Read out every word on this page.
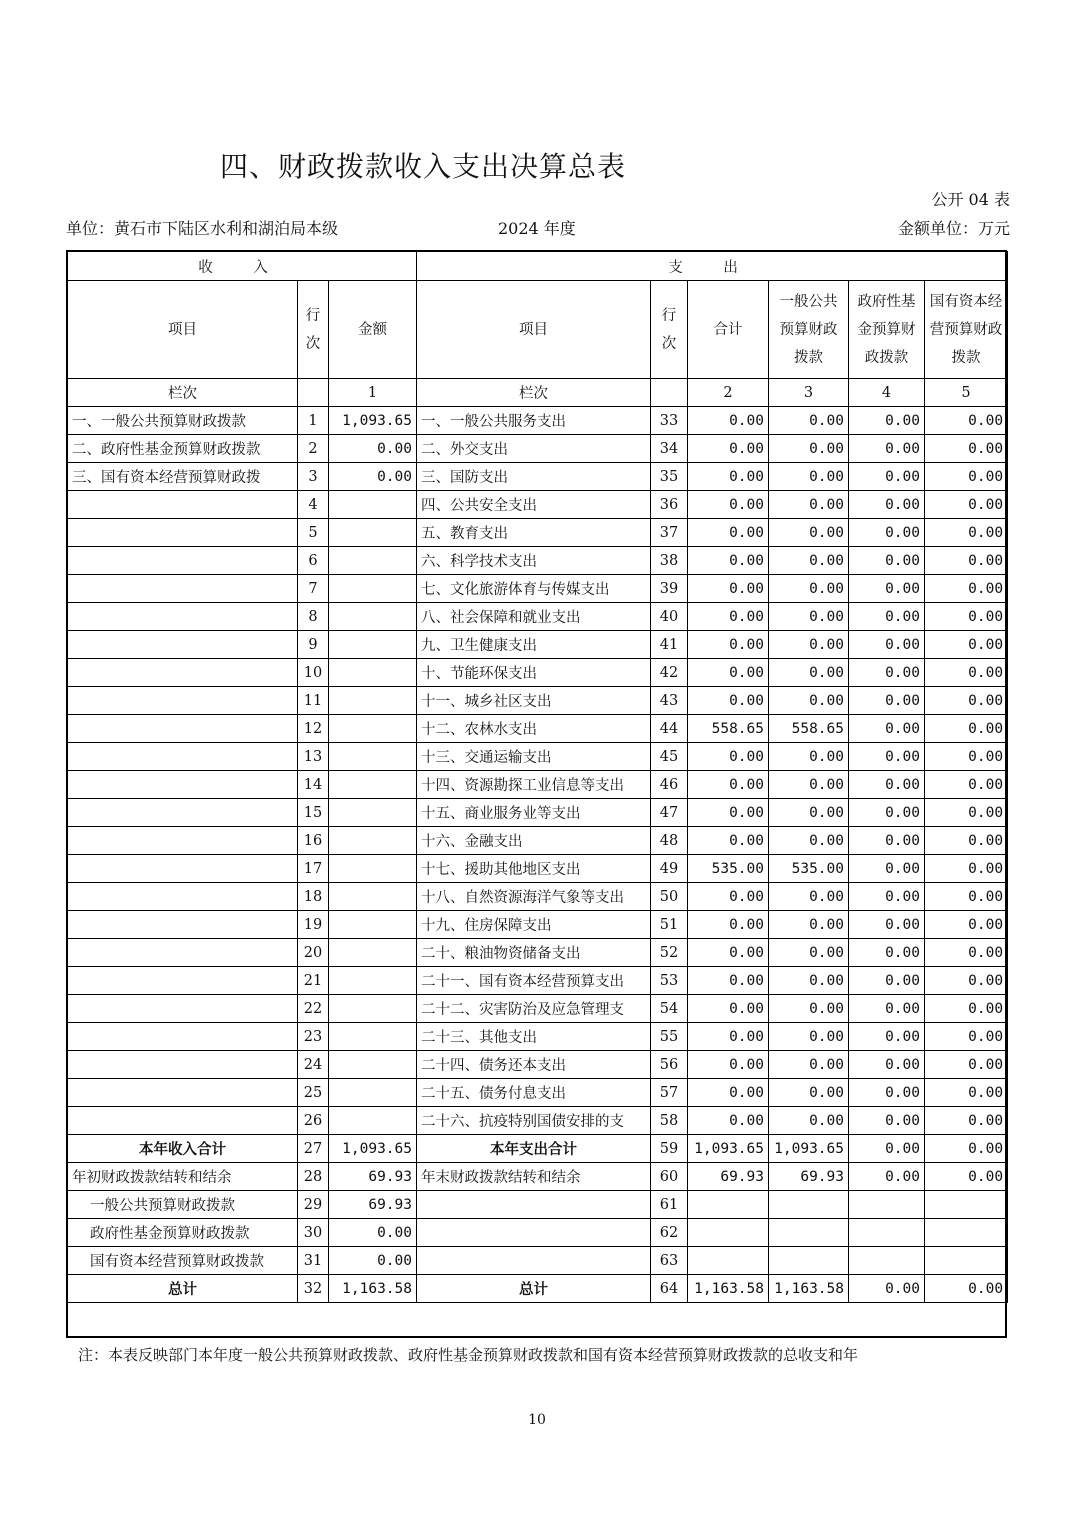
四、财政拨款收入支出决算总表
公开 04 表
单位：黄石市下陆区水利和湖泊局本级	2024 年度	金额单位：万元
收 入			支 出					
项目	行次	金额	项目	行次	合计	一般公共预算财政拨款	政府性基金预算财政拨款	国有资本经营预算财政拨款
栏次		1	栏次		2	3	4	5
一、一般公共预算财政拨款	1	1,093.65	一、一般公共服务支出	33	0.00	0.00	0.00	0.00
二、政府性基金预算财政拨款	2	0.00	二、外交支出	34	0.00	0.00	0.00	0.00
三、国有资本经营预算财政拨	3	0.00	三、国防支出	35	0.00	0.00	0.00	0.00
	4		四、公共安全支出	36	0.00	0.00	0.00	0.00
	5		五、教育支出	37	0.00	0.00	0.00	0.00
	6		六、科学技术支出	38	0.00	0.00	0.00	0.00
	7		七、文化旅游体育与传媒支出	39	0.00	0.00	0.00	0.00
	8		八、社会保障和就业支出	40	0.00	0.00	0.00	0.00
	9		九、卫生健康支出	41	0.00	0.00	0.00	0.00
	10		十、节能环保支出	42	0.00	0.00	0.00	0.00
	11		十一、城乡社区支出	43	0.00	0.00	0.00	0.00
	12		十二、农林水支出	44	558.65	558.65	0.00	0.00
	13		十三、交通运输支出	45	0.00	0.00	0.00	0.00
	14		十四、资源勘探工业信息等支出	46	0.00	0.00	0.00	0.00
	15		十五、商业服务业等支出	47	0.00	0.00	0.00	0.00
	16		十六、金融支出	48	0.00	0.00	0.00	0.00
	17		十七、援助其他地区支出	49	535.00	535.00	0.00	0.00
	18		十八、自然资源海洋气象等支出	50	0.00	0.00	0.00	0.00
	19		十九、住房保障支出	51	0.00	0.00	0.00	0.00
	20		二十、粮油物资储备支出	52	0.00	0.00	0.00	0.00
	21		二十一、国有资本经营预算支出	53	0.00	0.00	0.00	0.00
	22		二十二、灾害防治及应急管理支	54	0.00	0.00	0.00	0.00
	23		二十三、其他支出	55	0.00	0.00	0.00	0.00
	24		二十四、债务还本支出	56	0.00	0.00	0.00	0.00
	25		二十五、债务付息支出	57	0.00	0.00	0.00	0.00
	26		二十六、抗疫特别国债安排的支	58	0.00	0.00	0.00	0.00
本年收入合计	27	1,093.65	本年支出合计	59	1,093.65	1,093.65	0.00	0.00
年初财政拨款结转和结余	28	69.93	年末财政拨款结转和结余	60	69.93	69.93	0.00	0.00
一般公共预算财政拨款	29	69.93		61				
政府性基金预算财政拨款	30	0.00		62				
国有资本经营预算财政拨款	31	0.00		63				
总计	32	1,163.58	总计	64	1,163.58	1,163.58	0.00	0.00
注：本表反映部门本年度一般公共预算财政拨款、政府性基金预算财政拨款和国有资本经营预算财政拨款的总收支和年
10
